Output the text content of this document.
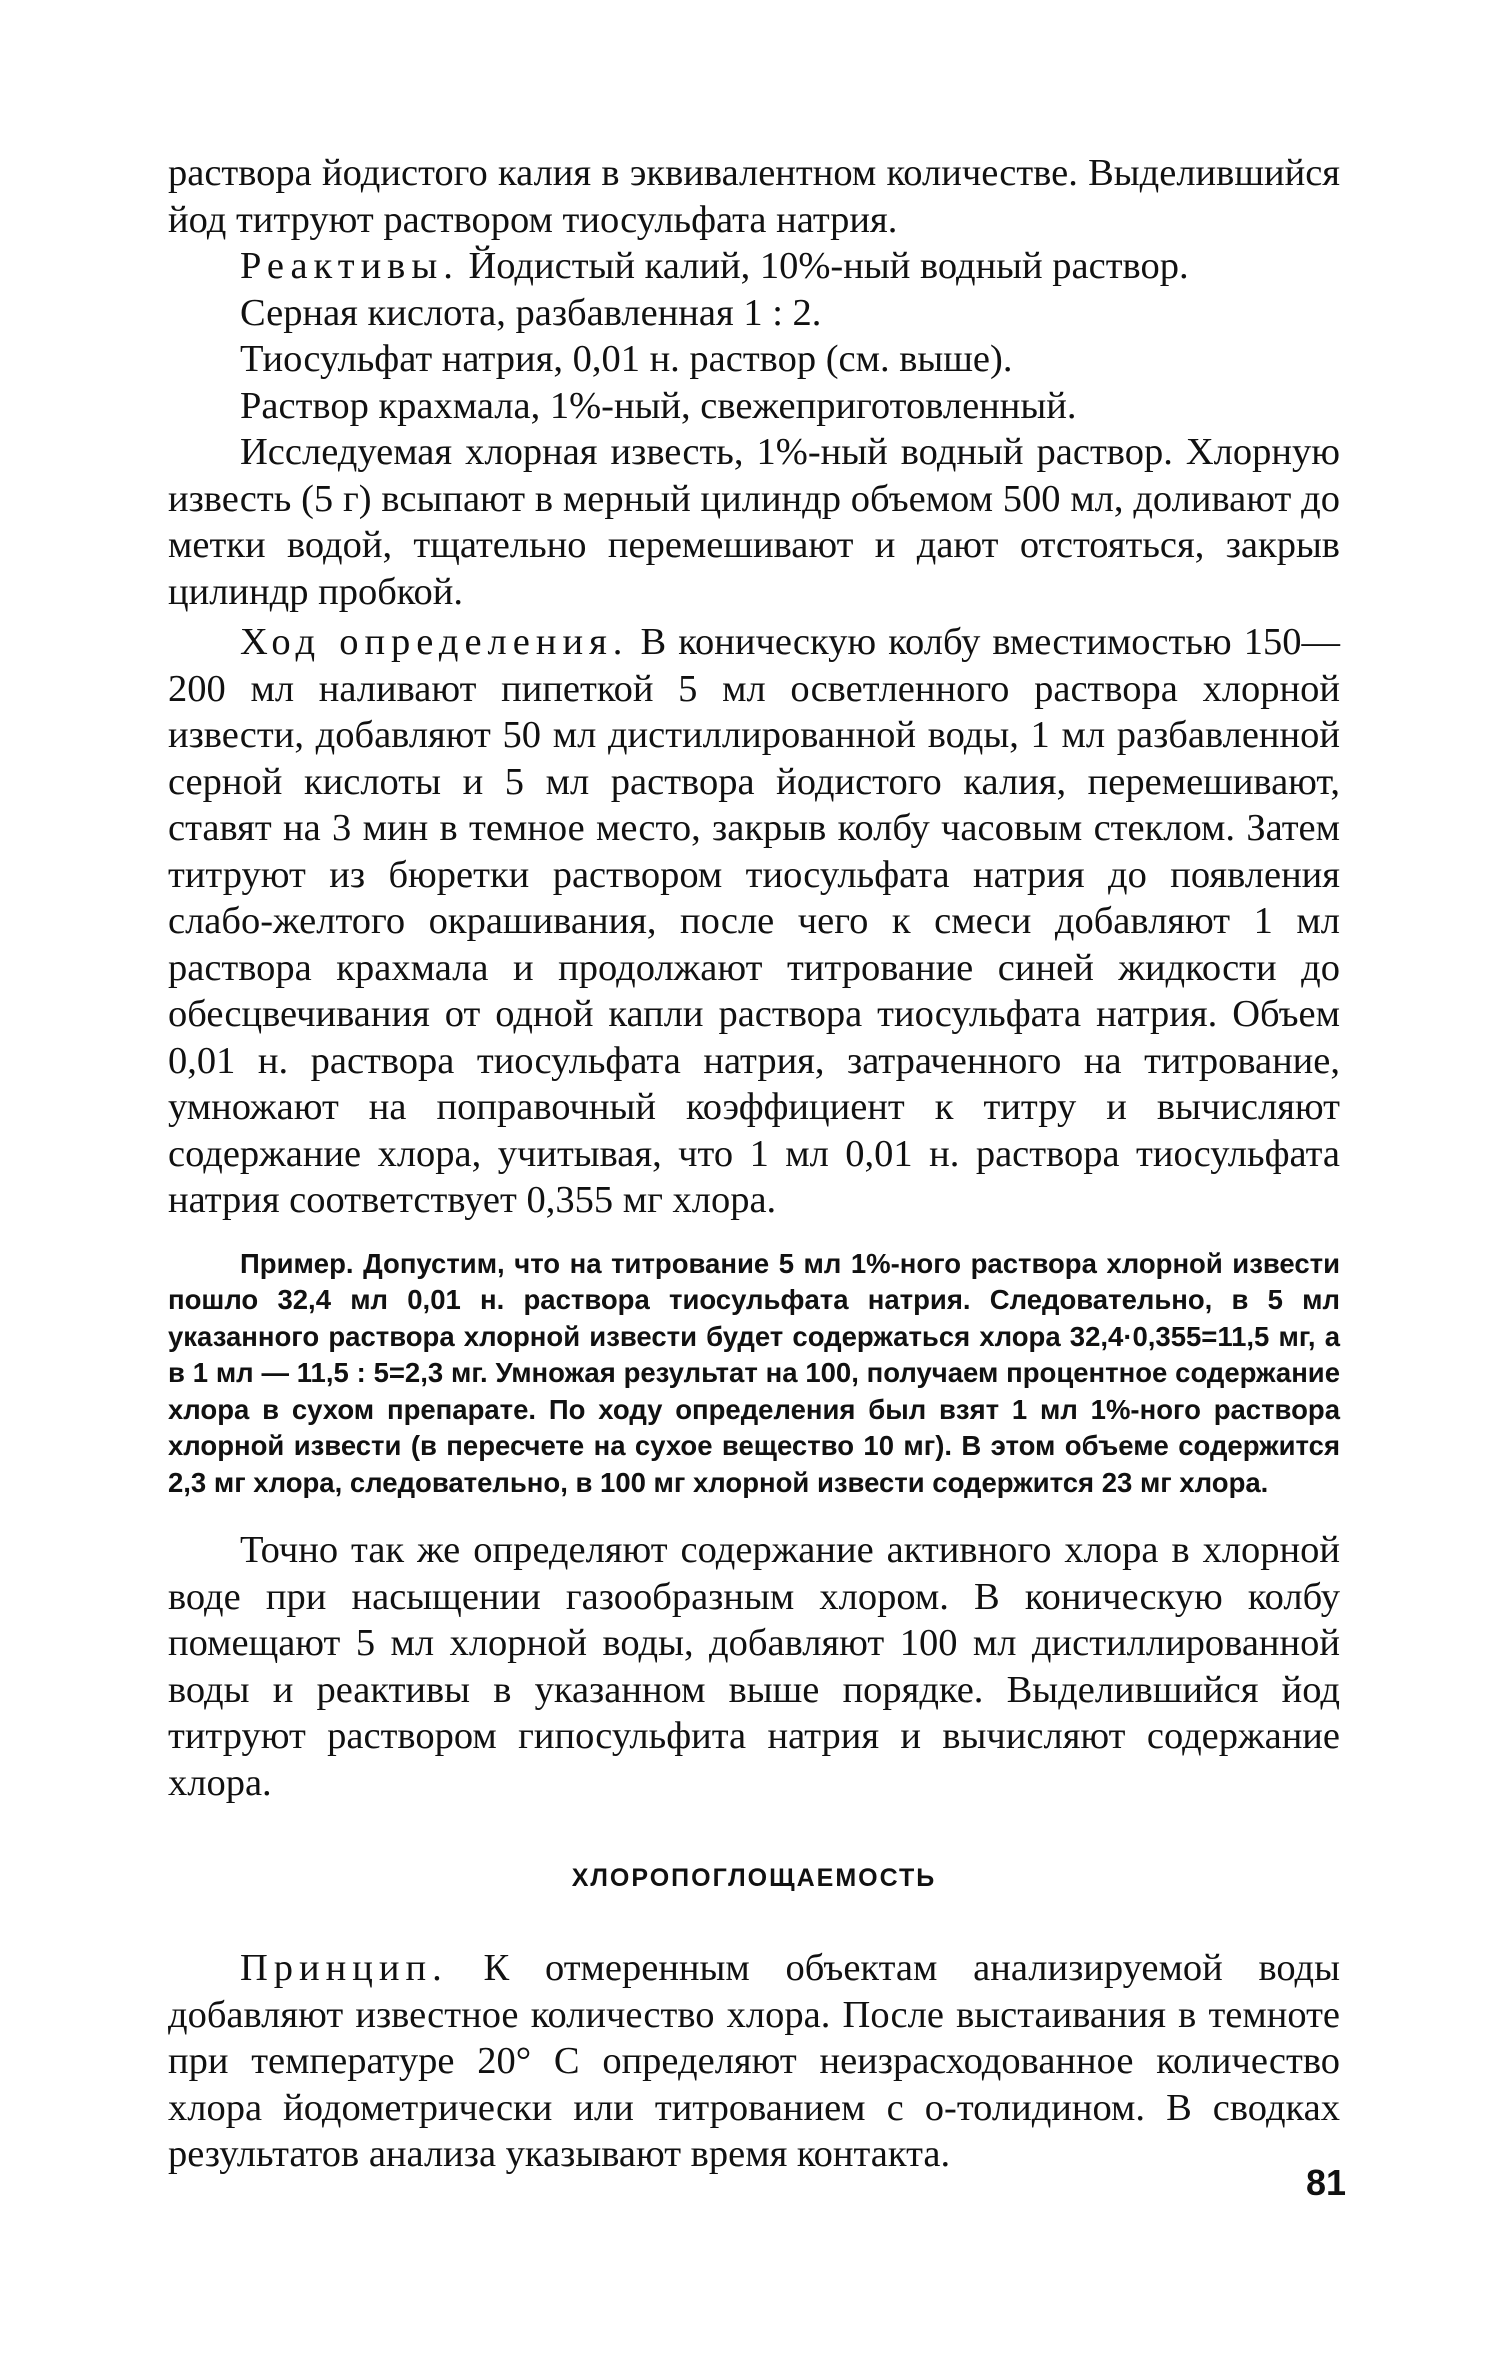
раствора йодистого калия в эквивалентном количестве. Выделившийся йод титруют раствором тиосульфата натрия.

Реактивы. Йодистый калий, 10%-ный водный раствор.

Серная кислота, разбавленная 1 : 2.

Тиосульфат натрия, 0,01 н. раствор (см. выше).

Раствор крахмала, 1%-ный, свежеприготовленный.

Исследуемая хлорная известь, 1%-ный водный раствор. Хлорную известь (5 г) всыпают в мерный цилиндр объемом 500 мл, доливают до метки водой, тщательно перемешивают и дают отстояться, закрыв цилиндр пробкой.

Ход определения. В коническую колбу вместимостью 150—200 мл наливают пипеткой 5 мл осветленного раствора хлорной извести, добавляют 50 мл дистиллированной воды, 1 мл разбавленной серной кислоты и 5 мл раствора йодистого калия, перемешивают, ставят на 3 мин в темное место, закрыв колбу часовым стеклом. Затем титруют из бюретки раствором тиосульфата натрия до появления слабо-желтого окрашивания, после чего к смеси добавляют 1 мл раствора крахмала и продолжают титрование синей жидкости до обесцвечивания от одной капли раствора тиосульфата натрия. Объем 0,01 н. раствора тиосульфата натрия, затраченного на титрование, умножают на поправочный коэффициент к титру и вычисляют содержание хлора, учитывая, что 1 мл 0,01 н. раствора тиосульфата натрия соответствует 0,355 мг хлора.

Пример. Допустим, что на титрование 5 мл 1%-ного раствора хлорной извести пошло 32,4 мл 0,01 н. раствора тиосульфата натрия. Следовательно, в 5 мл указанного раствора хлорной извести будет содержаться хлора 32,4·0,355=11,5 мг, а в 1 мл — 11,5 : 5=2,3 мг. Умножая результат на 100, получаем процентное содержание хлора в сухом препарате. По ходу определения был взят 1 мл 1%-ного раствора хлорной извести (в пересчете на сухое вещество 10 мг). В этом объеме содержится 2,3 мг хлора, следовательно, в 100 мг хлорной извести содержится 23 мг хлора.

Точно так же определяют содержание активного хлора в хлорной воде при насыщении газообразным хлором. В коническую колбу помещают 5 мл хлорной воды, добавляют 100 мл дистиллированной воды и реактивы в указанном выше порядке. Выделившийся йод титруют раствором гипосульфита натрия и вычисляют содержание хлора.

ХЛОРОПОГЛОЩАЕМОСТЬ

Принцип. К отмеренным объектам анализируемой воды добавляют известное количество хлора. После выстаивания в темноте при температуре 20° С определяют неизрасходованное количество хлора йодометрически или титрованием с о-толидином. В сводках результатов анализа указывают время контакта.

81
